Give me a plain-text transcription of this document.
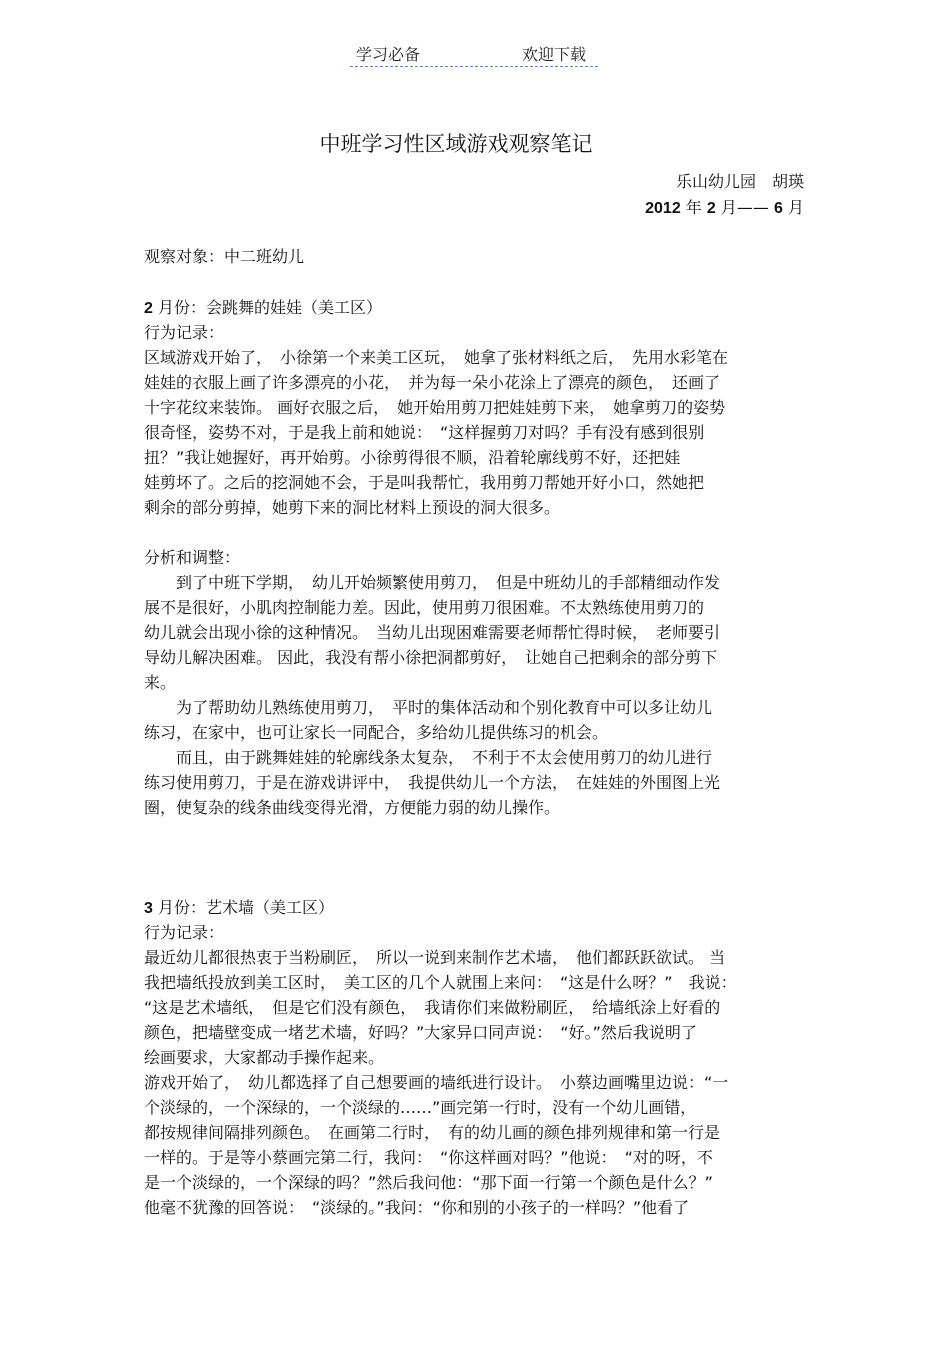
学习必备	欢迎下载
中班学习性区域游戏观察笔记
乐山幼儿园　胡瑛
2012 年 2 月—— 6 月
观察对象：中二班幼儿
2 月份：会跳舞的娃娃（美工区）
行为记录：
区域游戏开始了，　小徐第一个来美工区玩，　她拿了张材料纸之后，　先用水彩笔在
娃娃的衣服上画了许多漂亮的小花，　并为每一朵小花涂上了漂亮的颜色，　还画了
十字花纹来装饰。 画好衣服之后，　她开始用剪刀把娃娃剪下来，　她拿剪刀的姿势
很奇怪，姿势不对，于是我上前和她说：　“这样握剪刀对吗？手有没有感到很别
扭？”我让她握好，再开始剪。小徐剪得很不顺，沿着轮廓线剪不好，还把娃
娃剪坏了。之后的挖洞她不会，于是叫我帮忙，我用剪刀帮她开好小口，然她把
剩余的部分剪掉，她剪下来的洞比材料上预设的洞大很多。
分析和调整：
　　到了中班下学期，　幼儿开始频繁使用剪刀，　但是中班幼儿的手部精细动作发
展不是很好，小肌肉控制能力差。因此，使用剪刀很困难。不太熟练使用剪刀的
幼儿就会出现小徐的这种情况。　当幼儿出现困难需要老师帮忙得时候，　老师要引
导幼儿解决困难。 因此，我没有帮小徐把洞都剪好，　让她自己把剩余的部分剪下
来。
　　为了帮助幼儿熟练使用剪刀，　平时的集体活动和个别化教育中可以多让幼儿
练习，在家中，也可让家长一同配合，多给幼儿提供练习的机会。
　　而且，由于跳舞娃娃的轮廓线条太复杂，　不利于不太会使用剪刀的幼儿进行
练习使用剪刀，于是在游戏讲评中，　我提供幼儿一个方法，　在娃娃的外围图上光
圈，使复杂的线条曲线变得光滑，方便能力弱的幼儿操作。
3 月份：艺术墙（美工区）
行为记录：
最近幼儿都很热衷于当粉刷匠，　所以一说到来制作艺术墙，　他们都跃跃欲试。 当
我把墙纸投放到美工区时，　美工区的几个人就围上来问：　“这是什么呀？”　我说：
“这是艺术墙纸，　但是它们没有颜色，　我请你们来做粉刷匠，　给墙纸涂上好看的
颜色，把墙壁变成一堵艺术墙，好吗？”大家异口同声说：　“好。”然后我说明了
绘画要求，大家都动手操作起来。
游戏开始了，　幼儿都选择了自己想要画的墙纸进行设计。　小蔡边画嘴里边说：“一
个淡绿的，一个深绿的，一个淡绿的……”画完第一行时，没有一个幼儿画错，
都按规律间隔排列颜色。　在画第二行时，　有的幼儿画的颜色排列规律和第一行是
一样的。于是等小蔡画完第二行，我问：　“你这样画对吗？”他说：　“对的呀，不
是一个淡绿的，一个深绿的吗？”然后我问他：“那下面一行第一个颜色是什么？”
他毫不犹豫的回答说：　“淡绿的。”我问：“你和别的小孩子的一样吗？”他看了
